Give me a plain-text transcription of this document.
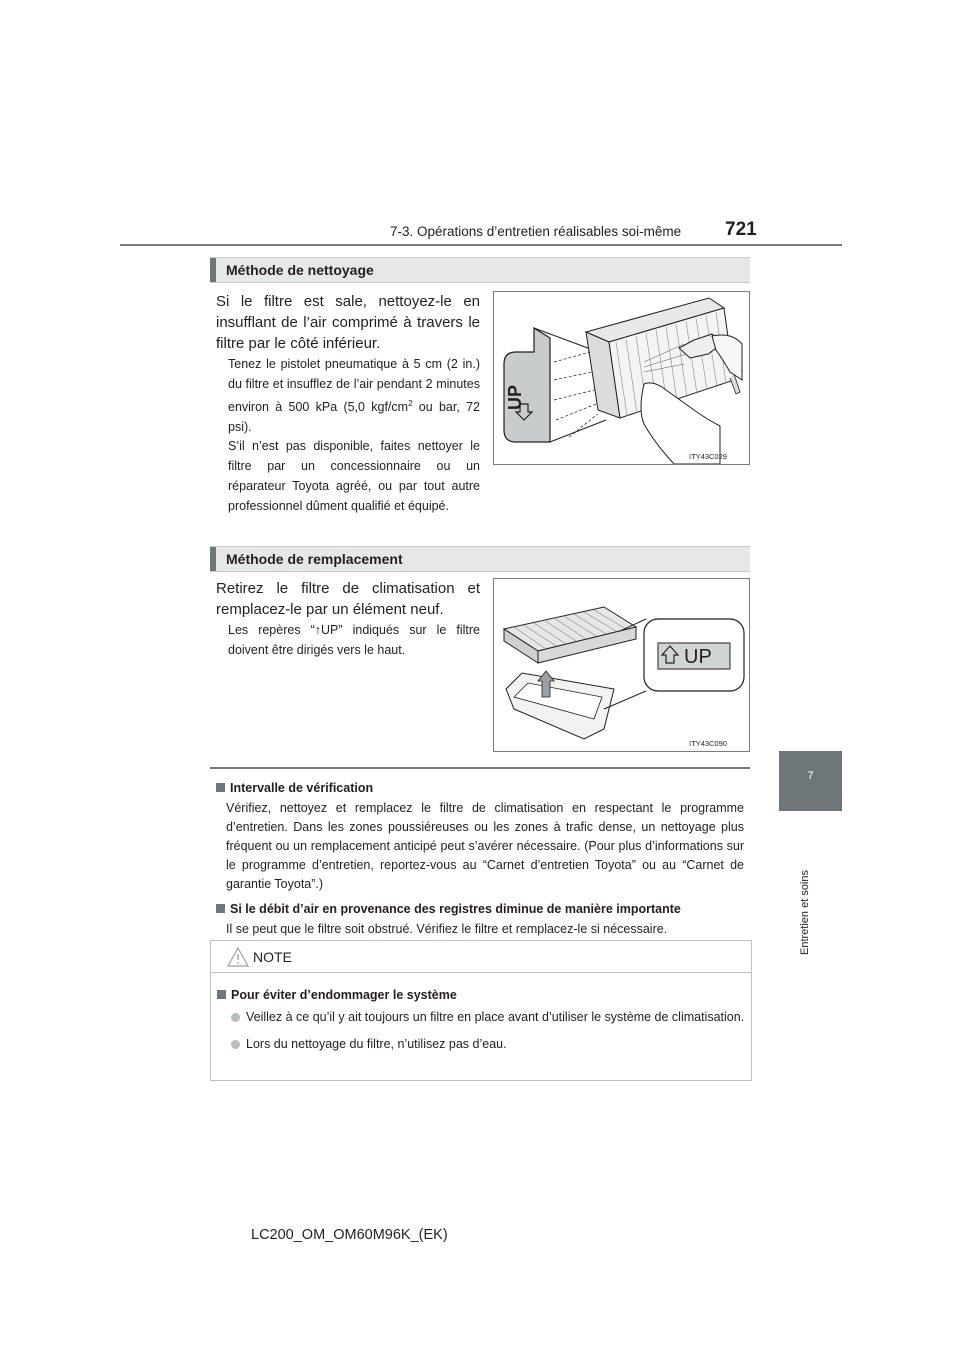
7-3. Opérations d’entretien réalisables soi-même 721
7
Entretien et soins
Méthode de nettoyage
Si le filtre est sale, nettoyez-le en insufflant de l’air comprimé à travers le filtre par le côté inférieur.
Tenez le pistolet pneumatique à 5 cm (2 in.) du filtre et insufflez de l’air pendant 2 minutes environ à 500 kPa (5,0 kgf/$cm^2$ ou bar, 72 psi).
S’il n’est pas disponible, faites nettoyer le filtre par un concessionnaire ou un réparateur Toyota agréé, ou par tout autre professionnel dûment qualifié et équipé.
UP
ITY43C029
Méthode de remplacement
Retirez le filtre de climatisation et remplacez-le par un élément neuf.
Les repères “↑UP” indiqués sur le filtre doivent être dirigés vers le haut.	UP
ITY43C090
Intervalle de vérification
Vérifiez, nettoyez et remplacez le filtre de climatisation en respectant le programme d’entretien. Dans les zones poussiéreuses ou les zones à trafic dense, un nettoyage plus fréquent ou un remplacement anticipé peut s’avérer nécessaire. (Pour plus d’informations sur le programme d’entretien, reportez-vous au “Carnet d’entretien Toyota” ou au “Carnet de garantie Toyota”.)
Si le débit d’air en provenance des registres diminue de manière importante
Il se peut que le filtre soit obstrué. Vérifiez le filtre et remplacez-le si nécessaire.
NOTE
Pour éviter d’endommager le système
Veillez à ce qu’il y ait toujours un filtre en place avant d’utiliser le système de climatisation.
Lors du nettoyage du filtre, n’utilisez pas d’eau.
LC200_OM_OM60M96K_(EK)
